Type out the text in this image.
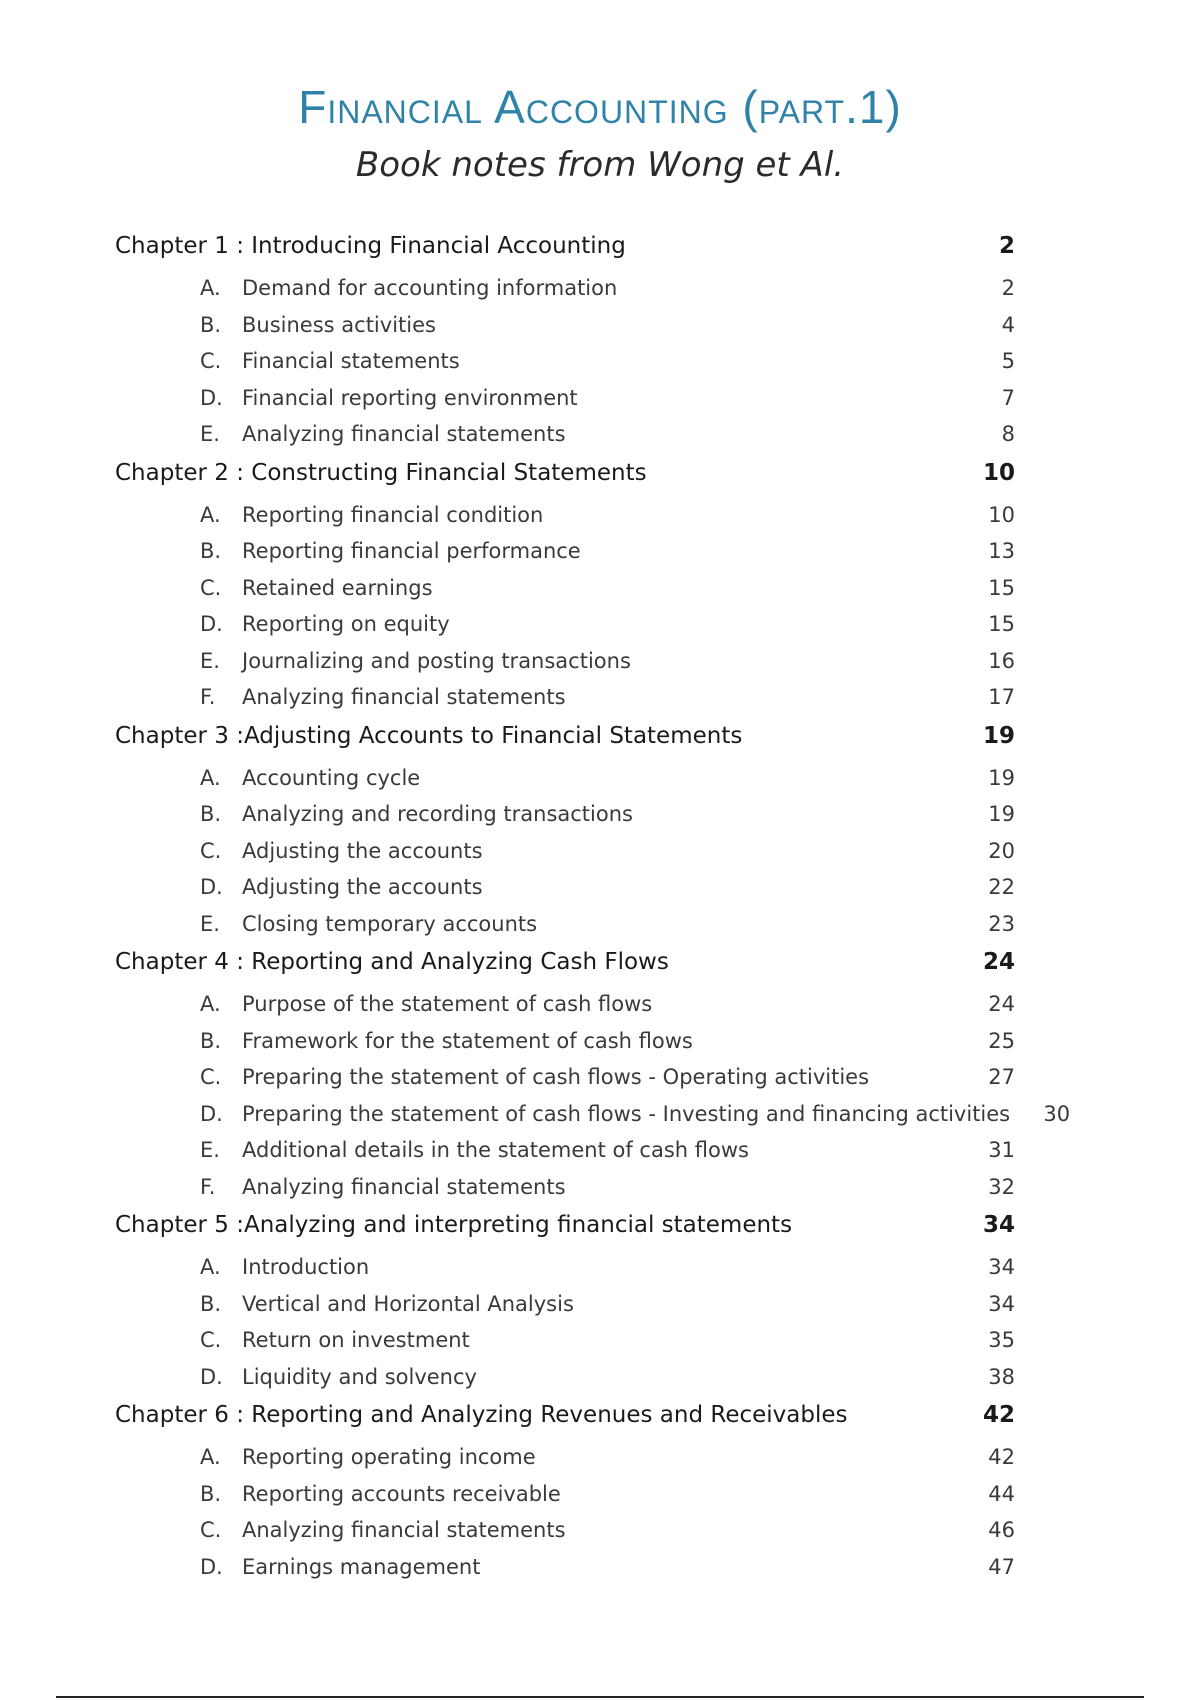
Financial Accounting (part.1)
Book notes from Wong et Al.
Chapter 1 : Introducing Financial Accounting	2
A.	Demand for accounting information	2
B. Business activities	4
C. Financial statements	5
D. Financial reporting environment	7
E.	Analyzing financial statements	8
Chapter 2 : Constructing Financial Statements	10
A.	Reporting financial condition	10
B. Reporting financial performance	13
C. Retained earnings	15
D. Reporting on equity	15
E.	Journalizing and posting transactions	16
F.	Analyzing financial statements	17
Chapter 3 :Adjusting Accounts to Financial Statements	19
A.	Accounting cycle	19
B. Analyzing and recording transactions	19
C. Adjusting the accounts	20
D. Adjusting the accounts	22
E.	Closing temporary accounts	23
Chapter 4 : Reporting and Analyzing Cash Flows	24
A.	Purpose of the statement of cash flows	24
B. Framework for the statement of cash flows	25
C. Preparing the statement of cash flows - Operating activities	27
D. Preparing the statement of cash flows - Investing and financing activities	30
E.	Additional details in the statement of cash flows	31
F.	Analyzing financial statements	32
Chapter 5 :Analyzing and interpreting financial statements	34
A.	Introduction	34
B. Vertical and Horizontal Analysis	34
C. Return on investment	35
D. Liquidity and solvency	38
Chapter 6 : Reporting and Analyzing Revenues and Receivables	42
A.	Reporting operating income	42
B. Reporting accounts receivable	44
C. Analyzing financial statements	46
D. Earnings management	47
